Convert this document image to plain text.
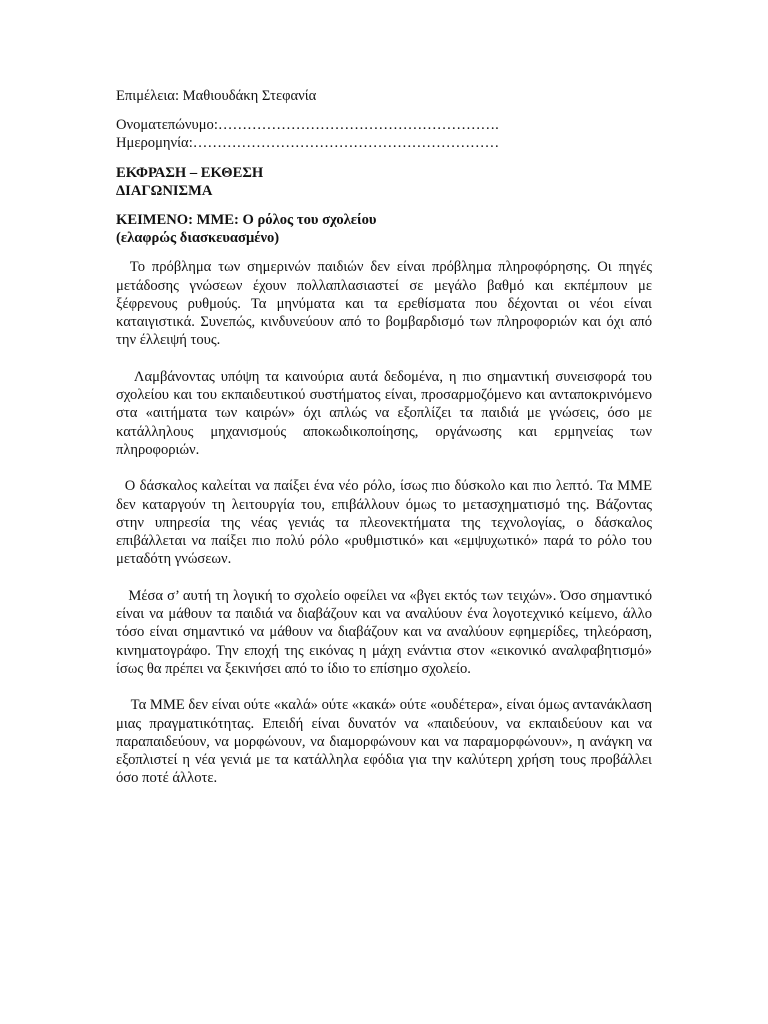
Επιμέλεια: Μαθιουδάκη Στεφανία

Ονοματεπώνυμο:………………………………………………….

Ημερομηνία:………………………………………………………

ΕΚΦΡΑΣΗ – ΕΚΘΕΣΗ

ΔΙΑΓΩΝΙΣΜΑ

ΚΕΙΜΕΝΟ: ΜΜΕ: Ο ρόλος του σχολείου

(ελαφρώς διασκευασμένο)

Το πρόβλημα των σημερινών παιδιών δεν είναι πρόβλημα πληροφόρησης. Οι πηγές μετάδοσης γνώσεων έχουν πολλαπλασιαστεί σε μεγάλο βαθμό και εκπέμπουν με ξέφρενους ρυθμούς. Τα μηνύματα και τα ερεθίσματα που δέχονται οι νέοι είναι καταιγιστικά. Συνεπώς, κινδυνεύουν από το βομβαρδισμό των πληροφοριών και όχι από την έλλειψή τους.

Λαμβάνοντας υπόψη τα καινούρια αυτά δεδομένα, η πιο σημαντική συνεισφορά του σχολείου και του εκπαιδευτικού συστήματος είναι, προσαρμοζόμενο και ανταποκρινόμενο στα «αιτήματα των καιρών» όχι απλώς να εξοπλίζει τα παιδιά με γνώσεις, όσο με κατάλληλους μηχανισμούς αποκωδικοποίησης, οργάνωσης και ερμηνείας των πληροφοριών.

Ο δάσκαλος καλείται να παίξει ένα νέο ρόλο, ίσως πιο δύσκολο και πιο λεπτό. Τα ΜΜΕ δεν καταργούν τη λειτουργία του, επιβάλλουν όμως το μετασχηματισμό της. Βάζοντας στην υπηρεσία της νέας γενιάς τα πλεονεκτήματα της τεχνολογίας, ο δάσκαλος επιβάλλεται να παίξει πιο πολύ ρόλο «ρυθμιστικό» και «εμψυχωτικό» παρά το ρόλο του μεταδότη γνώσεων.

Μέσα σ’ αυτή τη λογική το σχολείο οφείλει να «βγει εκτός των τειχών». Όσο σημαντικό είναι να μάθουν τα παιδιά να διαβάζουν και να αναλύουν ένα λογοτεχνικό κείμενο, άλλο τόσο είναι σημαντικό να μάθουν να διαβάζουν και να αναλύουν εφημερίδες, τηλεόραση, κινηματογράφο. Την εποχή της εικόνας η μάχη ενάντια στον «εικονικό αναλφαβητισμό» ίσως θα πρέπει να ξεκινήσει από το ίδιο το επίσημο σχολείο.

Τα ΜΜΕ δεν είναι ούτε «καλά» ούτε «κακά» ούτε «ουδέτερα», είναι όμως αντανάκλαση μιας πραγματικότητας. Επειδή είναι δυνατόν να «παιδεύουν, να εκπαιδεύουν και να παραπαιδεύουν, να μορφώνουν, να διαμορφώνουν και να παραμορφώνουν», η ανάγκη να εξοπλιστεί η νέα γενιά με τα κατάλληλα εφόδια για την καλύτερη χρήση τους προβάλλει όσο ποτέ άλλοτε.
